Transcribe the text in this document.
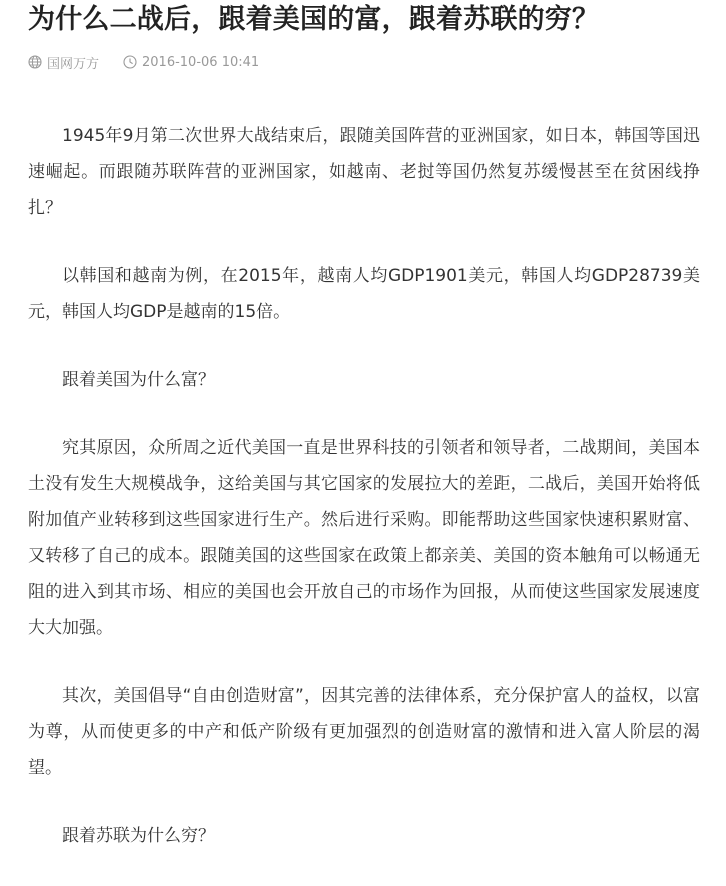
为什么二战后，跟着美国的富，跟着苏联的穷？
国网万方	2016-10-06 10:41

1945年9月第二次世界大战结束后，跟随美国阵营的亚洲国家，如日本，韩国等国迅速崛起。而跟随苏联阵营的亚洲国家，如越南、老挝等国仍然复苏缓慢甚至在贫困线挣扎？

以韩国和越南为例，在2015年，越南人均GDP1901美元，韩国人均GDP28739美元，韩国人均GDP是越南的15倍。

跟着美国为什么富？

究其原因，众所周之近代美国一直是世界科技的引领者和领导者，二战期间，美国本土没有发生大规模战争，这给美国与其它国家的发展拉大的差距，二战后，美国开始将低附加值产业转移到这些国家进行生产。然后进行采购。即能帮助这些国家快速积累财富、又转移了自己的成本。跟随美国的这些国家在政策上都亲美、美国的资本触角可以畅通无阻的进入到其市场、相应的美国也会开放自己的市场作为回报，从而使这些国家发展速度大大加强。

其次，美国倡导“自由创造财富”，因其完善的法律体系，充分保护富人的益权，以富为尊，从而使更多的中产和低产阶级有更加强烈的创造财富的激情和进入富人阶层的渴望。

跟着苏联为什么穷？
